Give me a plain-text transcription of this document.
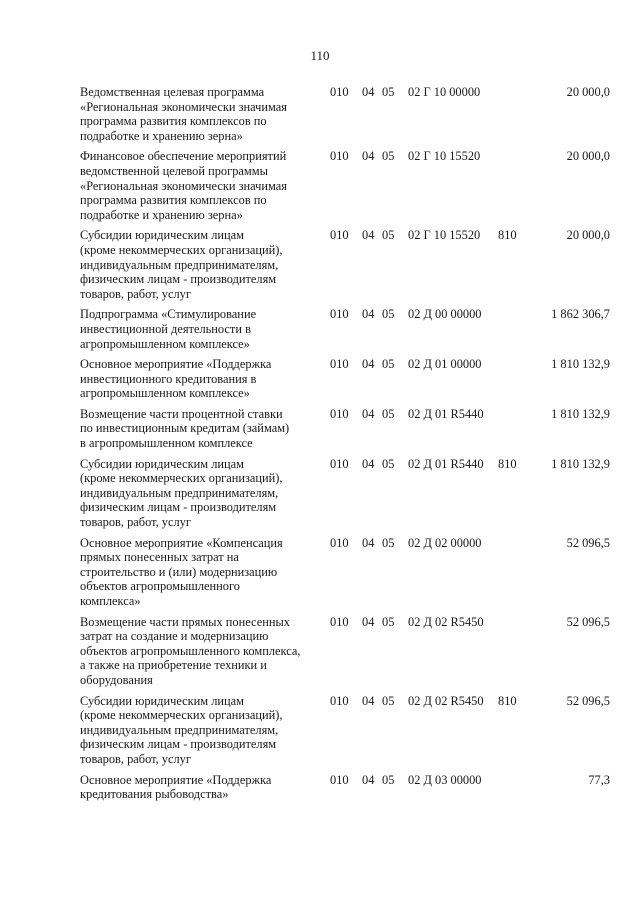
110
Ведомственная целевая программа
«Региональная экономически значимая
программа развития комплексов по
подработке и хранению зерна»
010 04 05 02 Г 10 00000	20 000,0
Финансовое обеспечение мероприятий
ведомственной целевой программы
«Региональная экономически значимая
программа развития комплексов по
подработке и хранению зерна»
010 04 05 02 Г 10 15520	20 000,0
Субсидии юридическим лицам
(кроме некоммерческих организаций),
индивидуальным предпринимателям,
физическим лицам - производителям
товаров, работ, услуг
010 04 05 02 Г 10 15520 810	20 000,0
Подпрограмма «Стимулирование
инвестиционной деятельности в
агропромышленном комплексе»
010 04 05 02 Д 00 00000	1 862 306,7
Основное мероприятие «Поддержка
инвестиционного кредитования в
агропромышленном комплексе»
010 04 05 02 Д 01 00000	1 810 132,9
Возмещение части процентной ставки
по инвестиционным кредитам (займам)
в агропромышленном комплексе
010 04 05 02 Д 01 R5440	1 810 132,9
Субсидии юридическим лицам
(кроме некоммерческих организаций),
индивидуальным предпринимателям,
физическим лицам - производителям
товаров, работ, услуг
010 04 05 02 Д 01 R5440 810	1 810 132,9
Основное мероприятие «Компенсация
прямых понесенных затрат на
строительство и (или) модернизацию
объектов агропромышленного
комплекса»
010 04 05 02 Д 02 00000	52 096,5
Возмещение части прямых понесенных
затрат на создание и модернизацию
объектов агропромышленного комплекса,
а также на приобретение техники и
оборудования
010 04 05 02 Д 02 R5450	52 096,5
Субсидии юридическим лицам
(кроме некоммерческих организаций),
индивидуальным предпринимателям,
физическим лицам - производителям
товаров, работ, услуг
010 04 05 02 Д 02 R5450 810	52 096,5
Основное мероприятие «Поддержка
кредитования рыбоводства»
010 04 05 02 Д 03 00000	77,3
